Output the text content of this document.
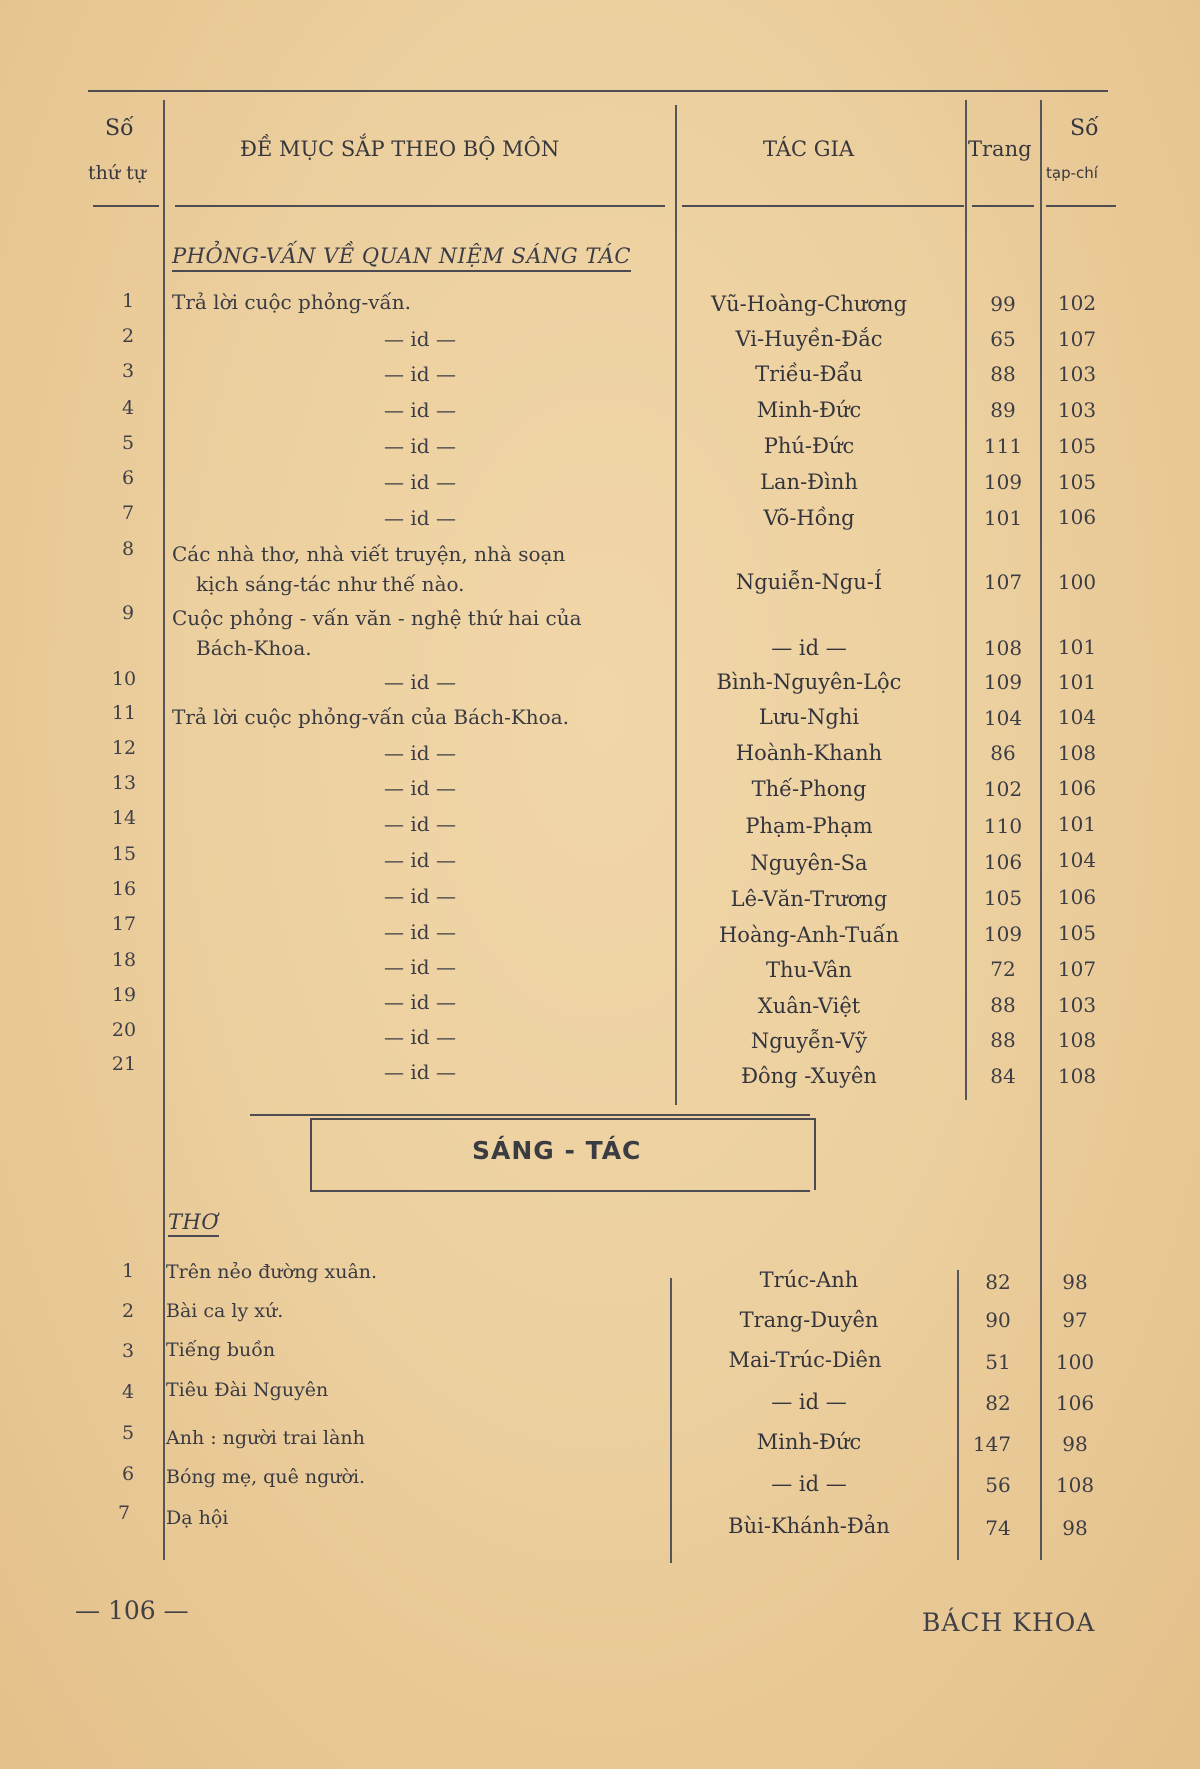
Số
thứ tự
ĐỀ MỤC SẮP THEO BỘ MÔN	TÁC GIA	Trang
Số
tạp-chí
PHỎNG-VẤN VỀ QUAN NIỆM SÁNG TÁC
1	Trả lời cuộc phỏng-vấn.	Vũ-Hoàng-Chương	99	102
2	— id —	Vi-Huyền-Đắc	65	107
3	— id —	Triều-Đẩu	88	103
4	— id —	Minh-Đức	89	103
5	— id —	Phú-Đức	111	105
6	— id —	Lan-Đình	109	105
7	— id —	Võ-Hồng	101	106
8	Các nhà thơ, nhà viết truyện, nhà soạn
kịch sáng-tác như thế nào.	Nguiễn-Ngu-Í	107	100
9	Cuộc phỏng - vấn văn - nghệ thứ hai của
Bách-Khoa.	— id —	108	101
10	— id —	Bình-Nguyên-Lộc	109	101
11	Trả lời cuộc phỏng-vấn của Bách-Khoa.	Lưu-Nghi	104	104
12	— id —	Hoành-Khanh	86	108
13	— id —	Thế-Phong	102	106
14	— id —	Phạm-Phạm	110	101
15	— id —	Nguyên-Sa	106	104
16	— id —	Lê-Văn-Trương	105	106
17	— id —	Hoàng-Anh-Tuấn	109	105
18	— id —	Thu-Vân	72	107
19	— id —	Xuân-Việt	88	103
20	— id —	Nguyễn-Vỹ	88	108
21	— id —	Đông -Xuyên	84	108
SÁNG - TÁC
THƠ
1	Trên nẻo đường xuân.	Trúc-Anh	82	98
2	Bài ca ly xứ.	Trang-Duyên	90	97
3	Tiếng buồn	Mai-Trúc-Diên	51	100
4	Tiêu Đài Nguyên	— id —	82	106
5	Anh : người trai lành	Minh-Đức	147	98
6	Bóng mẹ, quê người.	— id —	56	108
7	Dạ hội	Bùi-Khánh-Đản	74	98
— 106 —	BÁCH KHOA
